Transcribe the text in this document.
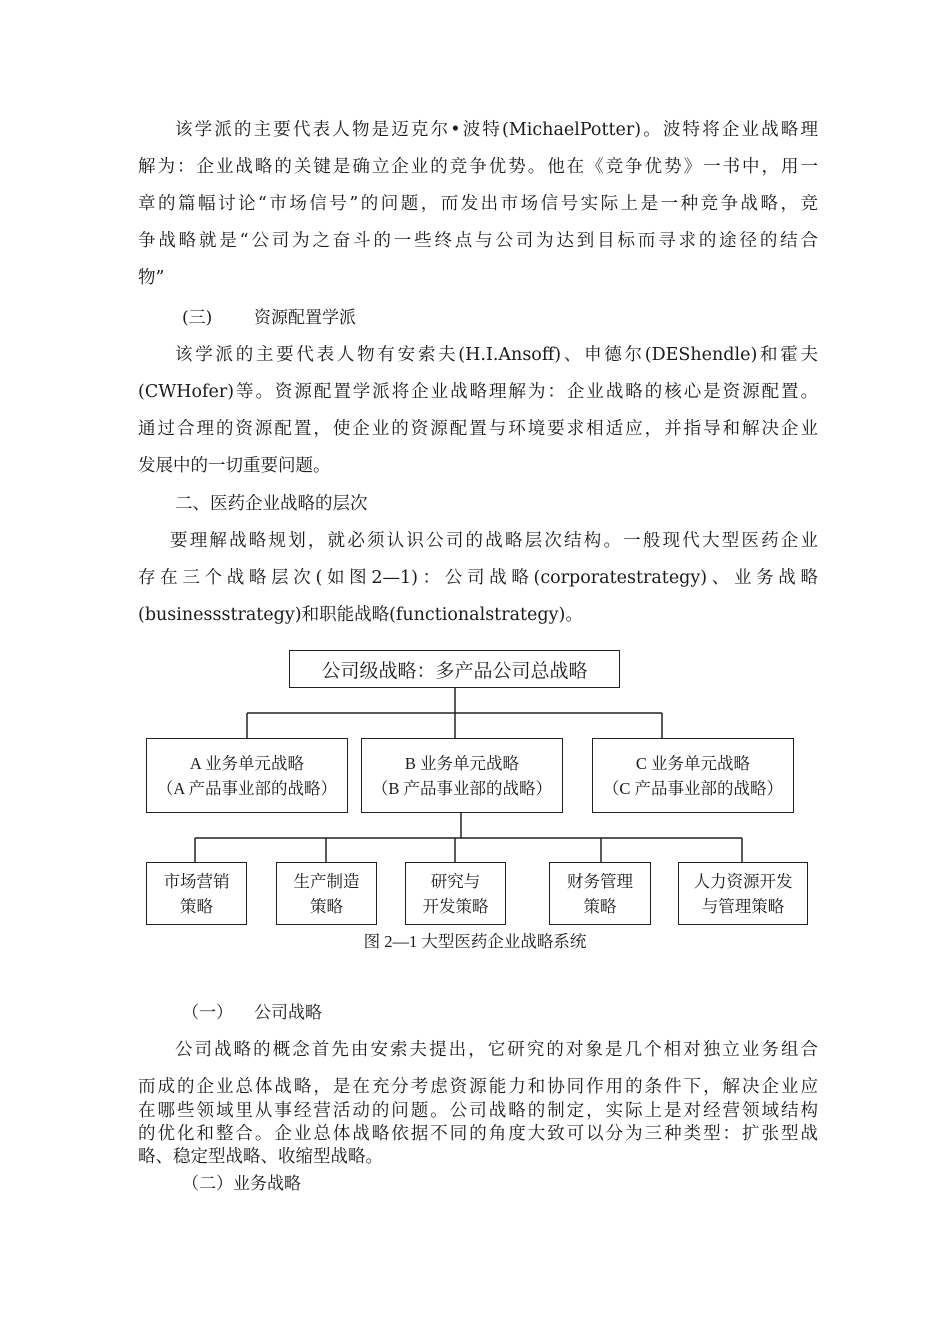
该学派的主要代表人物是迈克尔•波特(MichaelPotter)。波特将企业战略理

解为：企业战略的关键是确立企业的竞争优势。他在《竞争优势》一书中，用一

章的篇幅讨论“市场信号”的问题，而发出市场信号实际上是一种竞争战略，竞

争战略就是“公司为之奋斗的一些终点与公司为达到目标而寻求的途径的结合

物”

(三) 资源配置学派

该学派的主要代表人物有安索夫(H.I.Ansoff)、申德尔(DEShendle)和霍夫

(CWHofer)等。资源配置学派将企业战略理解为：企业战略的核心是资源配置。

通过合理的资源配置，使企业的资源配置与环境要求相适应，并指导和解决企业

发展中的一切重要问题。

二、医药企业战略的层次

要理解战略规划，就必须认识公司的战略层次结构。一般现代大型医药企业

存在三个战略层次(如图2—1)：公司战略(corporatestrategy)、业务战略

(businessstrategy)和职能战略(functionalstrategy)。

公司级战略：多产品公司总战略
A 业务单元战略
（A 产品事业部的战略）
B 业务单元战略
（B 产品事业部的战略）
C 业务单元战略
（C 产品事业部的战略）
市场营销
策略
生产制造
策略
研究与
开发策略
财务管理
策略
人力资源开发
与管理策略
图 2—1 大型医药企业战略系统
（一） 公司战略

公司战略的概念首先由安索夫提出，它研究的对象是几个相对独立业务组合

而成的企业总体战略，是在充分考虑资源能力和协同作用的条件下，解决企业应

在哪些领域里从事经营活动的问题。公司战略的制定，实际上是对经营领域结构

的优化和整合。企业总体战略依据不同的角度大致可以分为三种类型：扩张型战

略、稳定型战略、收缩型战略。

（二）业务战略
